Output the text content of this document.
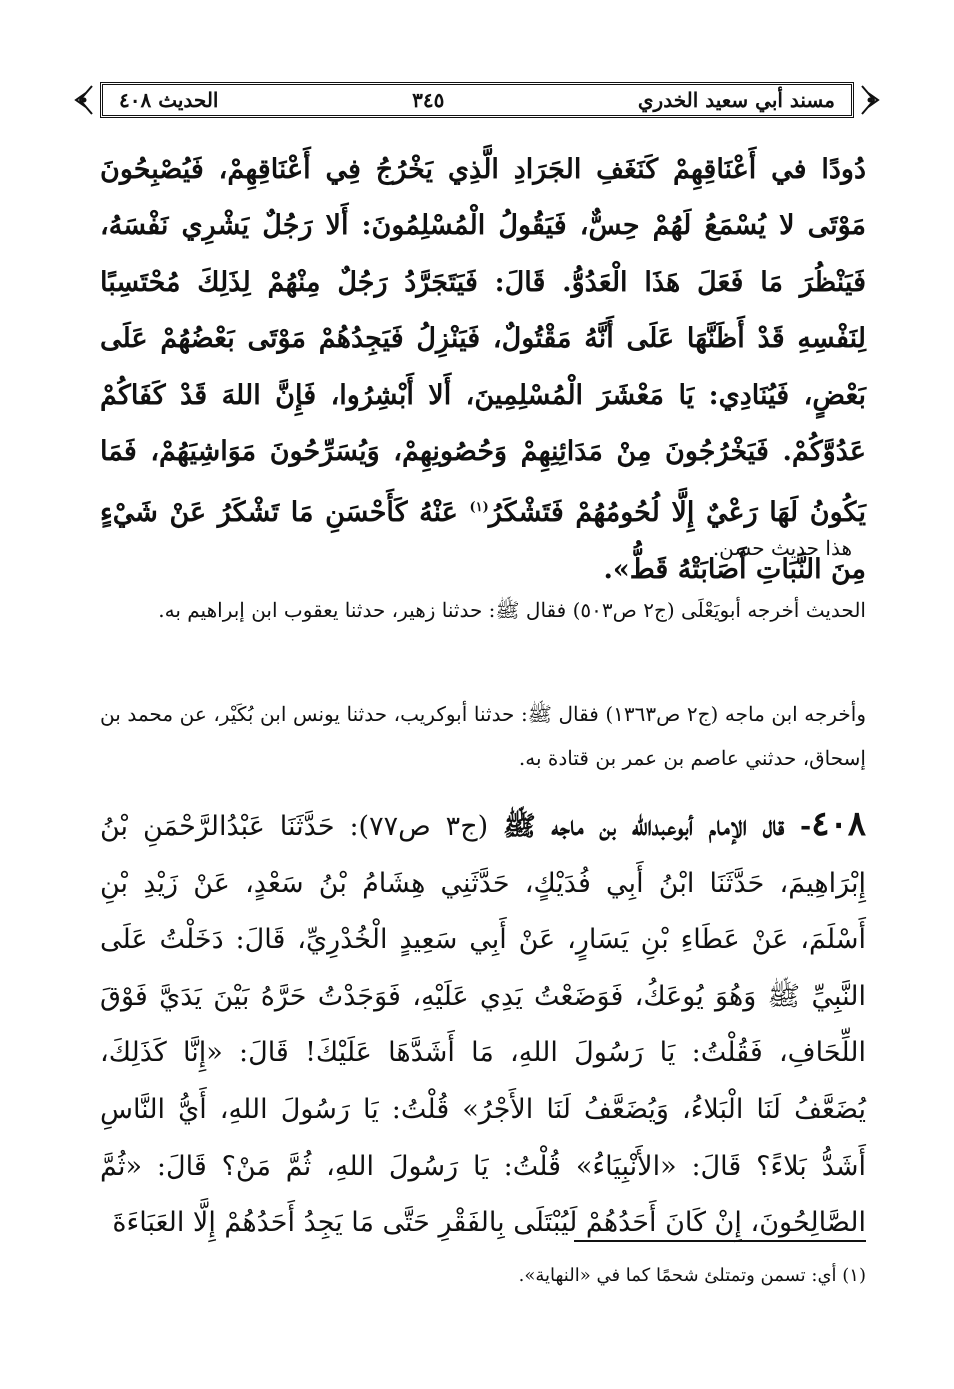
مسند أبي سعيد الخدري
٣٤٥
الحديث ٤٠٨
دُودًا في أَعْنَاقِهِمْ كَنَغَفِ الجَرَادِ الَّذِي يَخْرُجُ فِي أَعْنَاقِهِمْ، فَيُصْبِحُونَ مَوْتَى لا يُسْمَعُ لَهُمْ حِسٌّ، فَيَقُولُ الْمُسْلِمُونَ: أَلا رَجُلٌ يَشْرِي نَفْسَهُ، فَيَنْظُرَ مَا فَعَلَ هَذَا الْعَدُوُّ. قَالَ: فَيَتَجَرَّدُ رَجُلٌ مِنْهُمْ لِذَلِكَ مُحْتَسِبًا لِنَفْسِهِ قَدْ أَظَنَّهَا عَلَى أَنَّهُ مَقْتُولٌ، فَيَنْزِلُ فَيَجِدُهُمْ مَوْتَى بَعْضُهُمْ عَلَى بَعْضٍ، فَيُنَادِي: يَا مَعْشَرَ الْمُسْلِمِينَ، أَلا أَبْشِرُوا، فَإِنَّ اللهَ قَدْ كَفَاكُمْ عَدُوَّكُمْ. فَيَخْرُجُونَ مِنْ مَدَائِنِهِمْ وَحُصُونِهِمْ، وَيُسَرِّحُونَ مَوَاشِيَهُمْ، فَمَا يَكُونُ لَهَا رَعْيٌ إِلَّا لُحُومُهُمْ فَتَشْكَرُ$^{(١)}$ عَنْهُ كَأَحْسَنِ مَا تَشْكَرُ عَنْ شَيْءٍ مِنَ النَّبَاتِ أَصَابَتْهُ قَطُّ».
هذا حديث حسن.
الحديث أخرجه أبويَعْلَى (ج٢ ص٥٠٣) فقال ﷺ: حدثنا زهير، حدثنا يعقوب ابن إبراهيم به.
وأخرجه ابن ماجه (ج٢ ص١٣٦٣) فقال ﷺ: حدثنا أبوكريب، حدثنا يونس ابن بُكَيْر، عن محمد بن إسحاق، حدثني عاصم بن عمر بن قتادة به.
٤٠٨- قال الإمام أبوعبدالله بن ماجه ﷺ (ج٣ ص٧٧): حَدَّثَنَا عَبْدُالرَّحْمَنِ بْنُ إِبْرَاهِيمَ، حَدَّثَنَا ابْنُ أَبِي فُدَيْكٍ، حَدَّثَنِي هِشَامُ بْنُ سَعْدٍ، عَنْ زَيْدِ بْنِ أَسْلَمَ، عَنْ عَطَاءِ بْنِ يَسَارٍ، عَنْ أَبِي سَعِيدٍ الْخُدْرِيِّ، قَالَ: دَخَلْتُ عَلَى النَّبِيِّ ﷺ وَهُوَ يُوعَكُ، فَوَضَعْتُ يَدِي عَلَيْهِ، فَوَجَدْتُ حَرَّهُ بَيْنَ يَدَيَّ فَوْقَ اللِّحَافِ، فَقُلْتُ: يَا رَسُولَ اللهِ، مَا أَشَدَّهَا عَلَيْكَ! قَالَ: «إِنَّا كَذَلِكَ، يُضَعَّفُ لَنَا الْبَلاءُ، وَيُضَعَّفُ لَنَا الأَجْرُ» قُلْتُ: يَا رَسُولَ اللهِ، أَيُّ النَّاسِ أَشَدُّ بَلاءً؟ قَالَ: «الأَنْبِيَاءُ» قُلْتُ: يَا رَسُولَ اللهِ، ثُمَّ مَنْ؟ قَالَ: «ثُمَّ الصَّالِحُونَ، إِنْ كَانَ أَحَدُهُمْ لَيُبْتَلَى بِالفَقْرِ حَتَّى مَا يَجِدُ أَحَدُهُمْ إِلَّا العَبَاءَةَ
(١) أي: تسمن وتمتلئ شحمًا كما في «النهاية».
